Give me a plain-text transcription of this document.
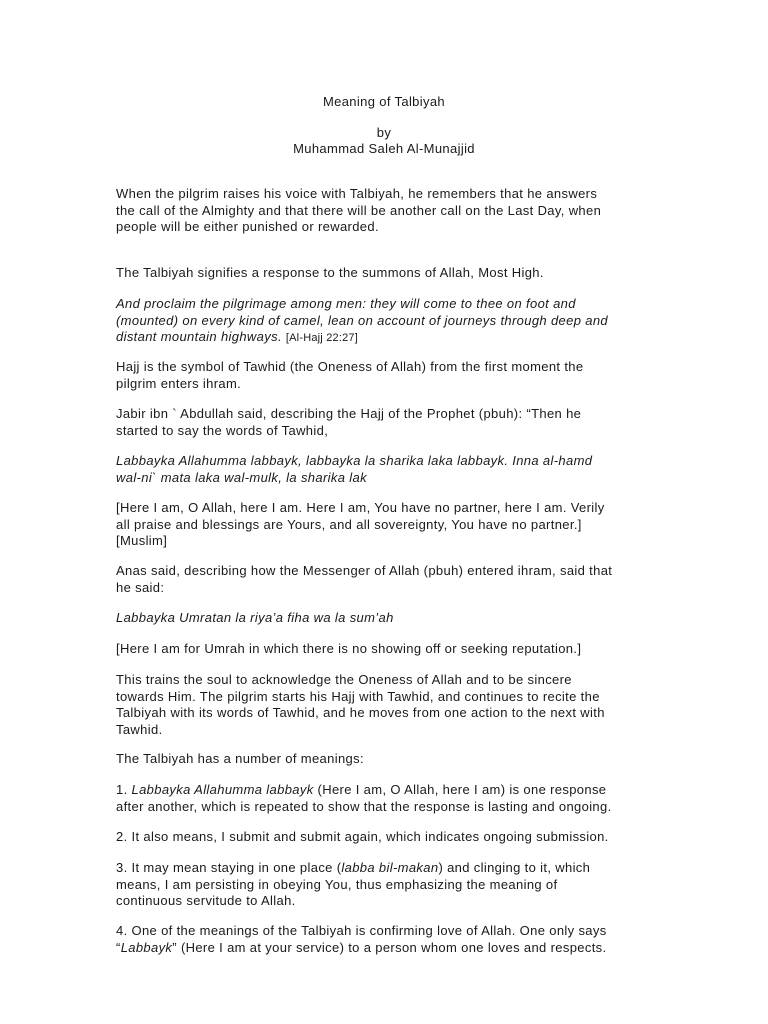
Meaning of Talbiyah

by

Muhammad Saleh Al-Munajjid

When the pilgrim raises his voice with Talbiyah, he remembers that he answers
the call of the Almighty and that there will be another call on the Last Day, when
people will be either punished or rewarded.

The Talbiyah signifies a response to the summons of Allah, Most High.

And proclaim the pilgrimage among men: they will come to thee on foot and
(mounted) on every kind of camel, lean on account of journeys through deep and
distant mountain highways. [Al-Hajj 22:27]

Hajj is the symbol of Tawhid (the Oneness of Allah) from the first moment the
pilgrim enters ihram.

Jabir ibn ` Abdullah said, describing the Hajj of the Prophet (pbuh): “Then he
started to say the words of Tawhid,

Labbayka Allahumma labbayk, labbayka la sharika laka labbayk. Inna al-hamd
wal-ni` mata laka wal-mulk, la sharika lak

[Here I am, O Allah, here I am. Here I am, You have no partner, here I am. Verily
all praise and blessings are Yours, and all sovereignty, You have no partner.]
[Muslim]

Anas said, describing how the Messenger of Allah (pbuh) entered ihram, said that
he said:

Labbayka Umratan la riya’a fiha wa la sum’ah

[Here I am for Umrah in which there is no showing off or seeking reputation.]

This trains the soul to acknowledge the Oneness of Allah and to be sincere
towards Him. The pilgrim starts his Hajj with Tawhid, and continues to recite the
Talbiyah with its words of Tawhid, and he moves from one action to the next with
Tawhid.

The Talbiyah has a number of meanings:

1. Labbayka Allahumma labbayk (Here I am, O Allah, here I am) is one response
after another, which is repeated to show that the response is lasting and ongoing.

2. It also means, I submit and submit again, which indicates ongoing submission.

3. It may mean staying in one place (labba bil-makan) and clinging to it, which
means, I am persisting in obeying You, thus emphasizing the meaning of
continuous servitude to Allah.

4. One of the meanings of the Talbiyah is confirming love of Allah. One only says
“Labbayk” (Here I am at your service) to a person whom one loves and respects.
